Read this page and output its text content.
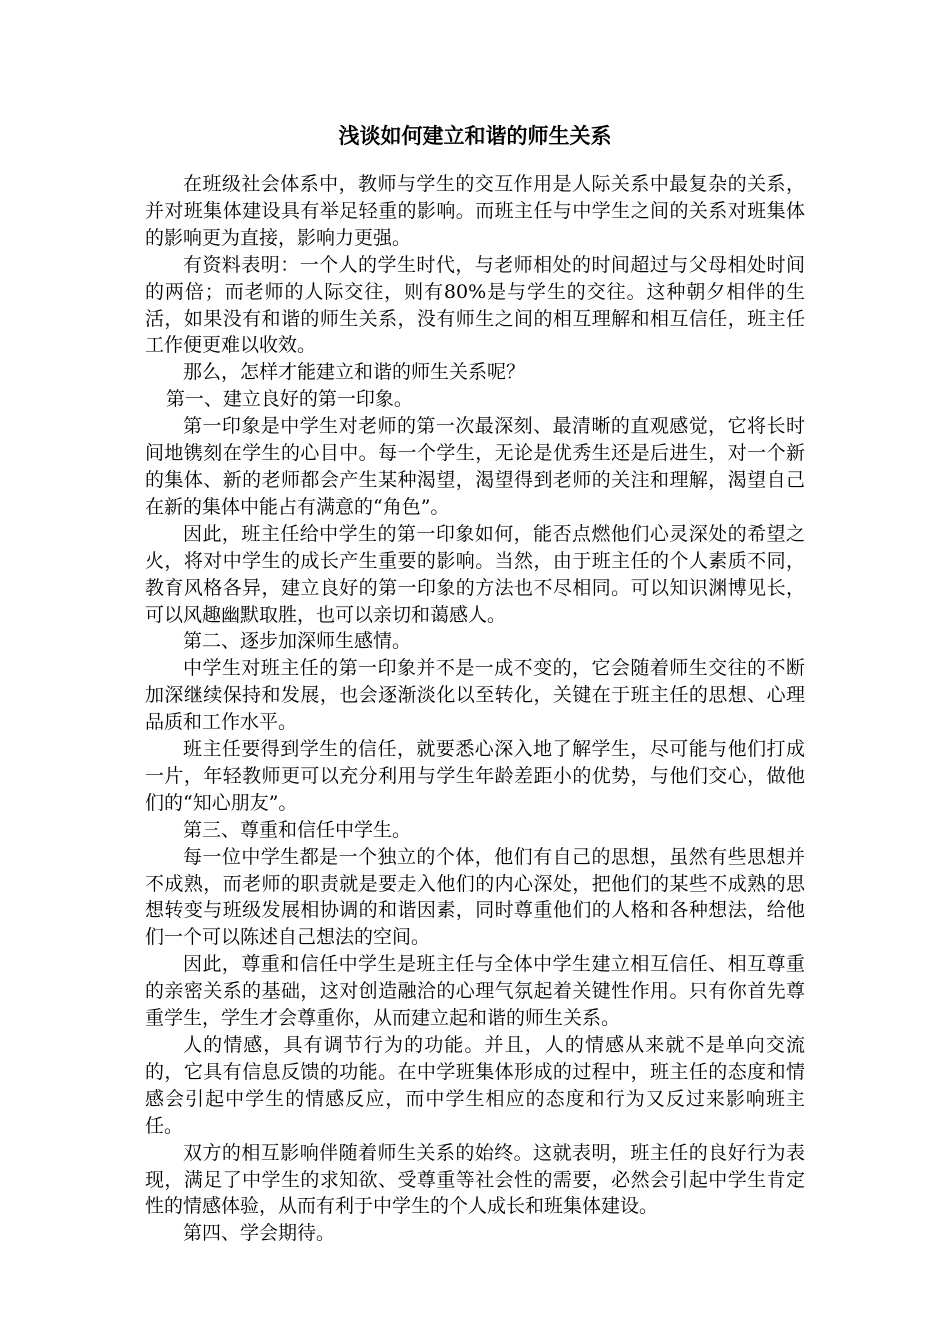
浅谈如何建立和谐的师生关系

在班级社会体系中，教师与学生的交互作用是人际关系中最复杂的关系，并对班集体建设具有举足轻重的影响。而班主任与中学生之间的关系对班集体的影响更为直接，影响力更强。

有资料表明：一个人的学生时代，与老师相处的时间超过与父母相处时间的两倍；而老师的人际交往，则有80%是与学生的交往。这种朝夕相伴的生活，如果没有和谐的师生关系，没有师生之间的相互理解和相互信任，班主任工作便更难以收效。

那么，怎样才能建立和谐的师生关系呢？

第一、建立良好的第一印象。

第一印象是中学生对老师的第一次最深刻、最清晰的直观感觉，它将长时间地镌刻在学生的心目中。每一个学生，无论是优秀生还是后进生，对一个新的集体、新的老师都会产生某种渴望，渴望得到老师的关注和理解，渴望自己在新的集体中能占有满意的“角色”。

因此，班主任给中学生的第一印象如何，能否点燃他们心灵深处的希望之火，将对中学生的成长产生重要的影响。当然，由于班主任的个人素质不同，教育风格各异，建立良好的第一印象的方法也不尽相同。可以知识渊博见长，可以风趣幽默取胜，也可以亲切和蔼感人。

第二、逐步加深师生感情。

中学生对班主任的第一印象并不是一成不变的，它会随着师生交往的不断加深继续保持和发展，也会逐渐淡化以至转化，关键在于班主任的思想、心理品质和工作水平。

班主任要得到学生的信任，就要悉心深入地了解学生，尽可能与他们打成一片，年轻教师更可以充分利用与学生年龄差距小的优势，与他们交心，做他们的“知心朋友”。

第三、尊重和信任中学生。

每一位中学生都是一个独立的个体，他们有自己的思想，虽然有些思想并不成熟，而老师的职责就是要走入他们的内心深处，把他们的某些不成熟的思想转变与班级发展相协调的和谐因素，同时尊重他们的人格和各种想法，给他们一个可以陈述自己想法的空间。

因此，尊重和信任中学生是班主任与全体中学生建立相互信任、相互尊重的亲密关系的基础，这对创造融洽的心理气氛起着关键性作用。只有你首先尊重学生，学生才会尊重你，从而建立起和谐的师生关系。

人的情感，具有调节行为的功能。并且，人的情感从来就不是单向交流的，它具有信息反馈的功能。在中学班集体形成的过程中，班主任的态度和情感会引起中学生的情感反应，而中学生相应的态度和行为又反过来影响班主任。

双方的相互影响伴随着师生关系的始终。这就表明，班主任的良好行为表现，满足了中学生的求知欲、受尊重等社会性的需要，必然会引起中学生肯定性的情感体验，从而有利于中学生的个人成长和班集体建设。

第四、学会期待。
